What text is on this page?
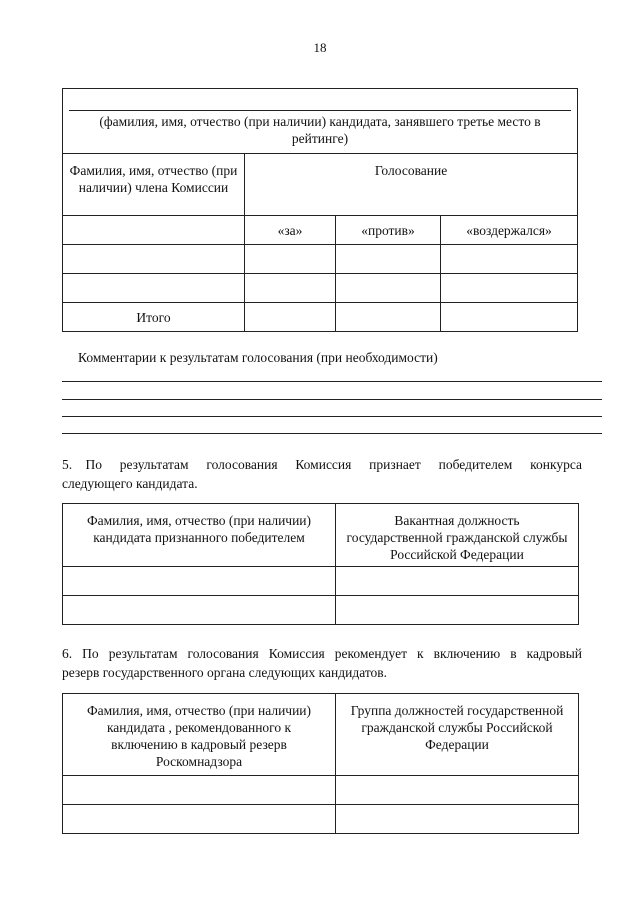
18
(фамилия, имя, отчество (при наличии) кандидата, занявшего третье место в рейтинге)			

Фамилия, имя, отчество (при наличии) члена Комиссии	Голосование		
	«за»	«против»	«воздержался»

Итого			
Комментарии к результатам голосования (при необходимости)
5.   По    результатам    голосования    Комиссия    признает    победителем    конкурса
следующего кандидата.
Фамилия, имя, отчество (при наличии) кандидата признанного победителем	Вакантная должность государственной гражданской службы Российской Федерации

6. По результатам голосования Комиссия рекомендует к включению в кадровый
резерв государственного органа следующих кандидатов.
Фамилия, имя, отчество (при наличии) кандидата , рекомендованного к включению в кадровый резерв Роскомнадзора	Группа должностей государственной гражданской службы Российской Федерации
